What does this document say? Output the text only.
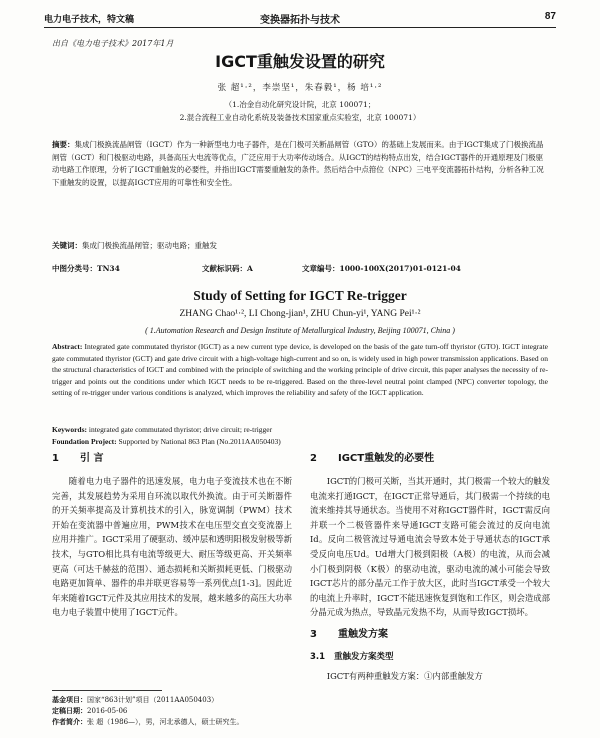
电力电子技术，特文稿	变换器拓扑与技术	87
出自《电力电子技术》2017年1月
IGCT重触发设置的研究
张 超¹·²，李崇坚¹，朱春毅¹，杨 培¹·²
（1.冶金自动化研究设计院，北京 100071；
2.混合流程工业自动化系统及装备技术国家重点实验室，北京 100071）
摘要：集成门极换流晶闸管（IGCT）作为一种新型电力电子器件，是在门极可关断晶闸管（GTO）的基础上发展而来。由于IGCT集成了门极换流晶闸管（GCT）和门极驱动电路，具备高压大电流等优点，广泛应用于大功率传动场合。从IGCT的结构特点出发，结合IGCT器件的开通原理及门极驱动电路工作原理，分析了IGCT重触发的必要性，并指出IGCT需要重触发的条件。然后结合中点箝位（NPC）三电平变流器拓扑结构，分析各种工况下重触发的设置，以提高IGCT应用的可靠性和安全性。
关键词：集成门极换流晶闸管；驱动电路；重触发
中图分类号：TN34	文献标识码：A	文章编号：1000-100X(2017)01-0121-04
Study of Setting for IGCT Re-trigger
ZHANG Chao¹·², LI Chong-jian¹, ZHU Chun-yi¹, YANG Pei¹·²
( 1.Automation Research and Design Institute of Metallurgical Industry, Beijing 100071, China )
Abstract: Integrated gate commutated thyristor (IGCT) as a new current type device, is developed on the basis of the gate turn-off thyristor (GTO). IGCT integrate gate commutated thyristor (GCT) and gate drive circuit with a high-voltage high-current and so on, is widely used in high power transmission applications. Based on the structural characteristics of IGCT and combined with the principle of switching and the working principle of drive circuit, this paper analyses the necessity of re-trigger and points out the conditions under which IGCT needs to be re-triggered. Based on the three-level neutral point clamped (NPC) converter topology, the setting of re-trigger under various conditions is analyzed, which improves the reliability and safety of the IGCT application.
Keywords: integrated gate commutated thyristor; drive circuit; re-trigger
Foundation Project: Supported by National 863 Plan (No.2011AA050403)
1 引 言

随着电力电子器件的迅速发展，电力电子变流技术也在不断完善，其发展趋势为采用自环流以取代外换流。由于可关断器件的开关频率提高及计算机技术的引入，脉宽调制（PWM）技术开始在变流器中普遍应用，PWM技术在电压型交直交变流器上应用并推广。IGCT采用了硬驱动、缓冲层和透明阳极发射极等新技术，与GTO相比具有电流等级更大、耐压等级更高、开关频率更高（可达千赫兹的范围）、通态损耗和关断损耗更低、门极驱动电路更加简单、器件的串并联更容易等一系列优点[1-3]。因此近年来随着IGCT元件及其应用技术的发展，越来越多的高压大功率电力电子装置中使用了IGCT元件。

2 IGCT重触发的必要性

IGCT的门极可关断，当其开通时，其门极需一个较大的触发电流来打通IGCT，在IGCT正常导通后，其门极需一个持续的电流来维持其导通状态。当使用不对称IGCT器件时，IGCT需反向并联一个二极管器件来导通IGCT支路可能会流过的反向电流Id。反向二极管流过导通电流会导致本处于导通状态的IGCT承受反向电压Ud。Ud增大门极到阳极（A极）的电流，从而会减小门极到阴极（K极）的驱动电流，驱动电流的减小可能会导致IGCT芯片的部分晶元工作于放大区，此时当IGCT承受一个较大的电流上升率时，IGCT不能迅速恢复到饱和工作区，则会造成部分晶元成为热点，导致晶元发热不均，从而导致IGCT损坏。

3 重触发方案
3.1 重触发方案类型

IGCT有两种重触发方案：①内部重触发方

基金项目：国家“863计划”项目（2011AA050403）
定稿日期：2016-05-06
作者简介：张 超（1986—），男，河北承德人，硕士研究生。
